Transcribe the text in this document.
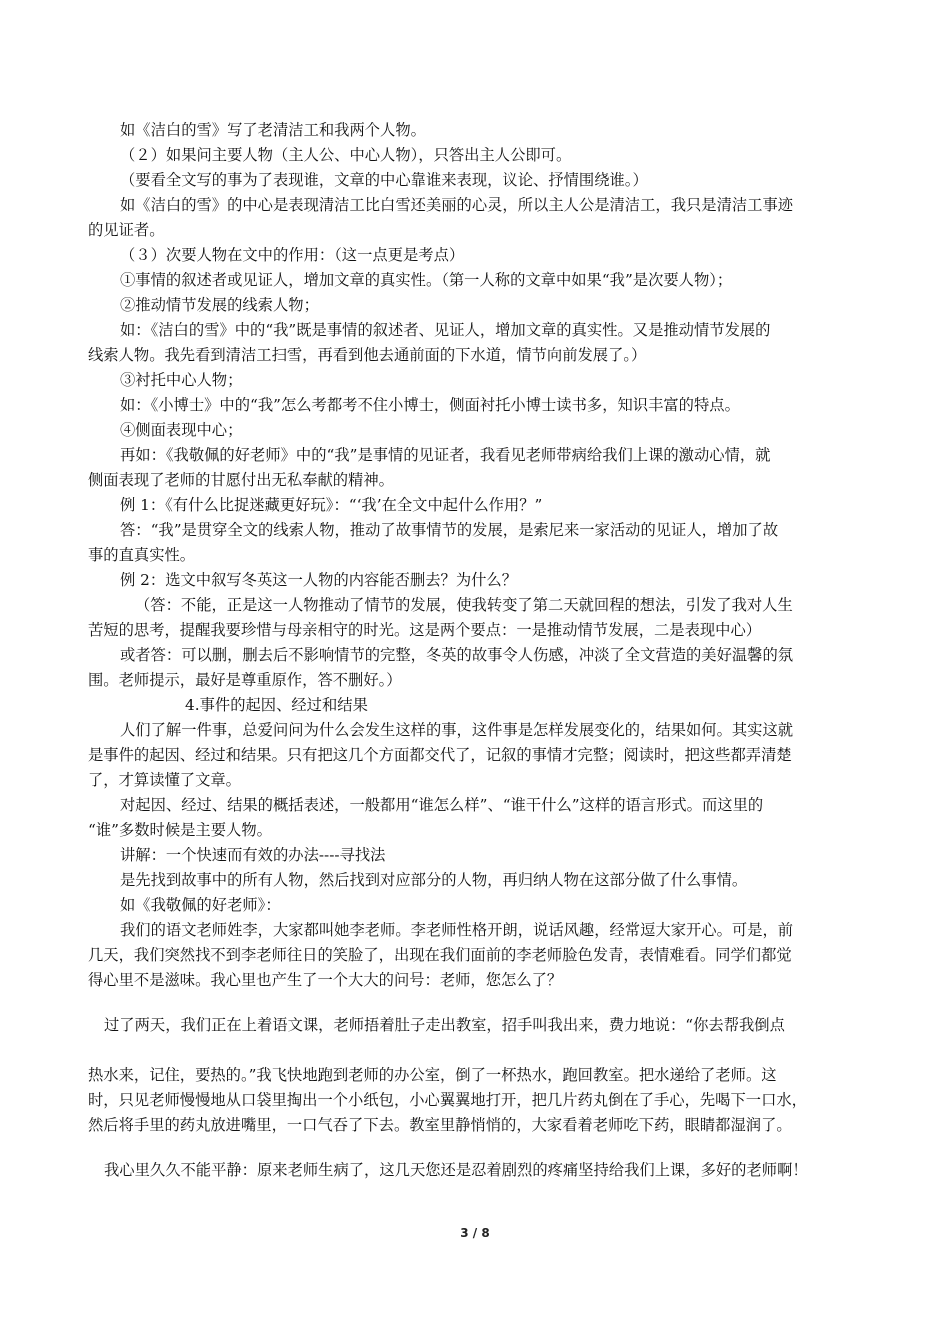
如《洁白的雪》写了老清洁工和我两个人物。
（２）如果问主要人物（主人公、中心人物），只答出主人公即可。
（要看全文写的事为了表现谁，文章的中心靠谁来表现，议论、抒情围绕谁。）
如《洁白的雪》的中心是表现清洁工比白雪还美丽的心灵，所以主人公是清洁工，我只是清洁工事迹
的见证者。
（３）次要人物在文中的作用：（这一点更是考点）
①事情的叙述者或见证人，增加文章的真实性。（第一人称的文章中如果“我”是次要人物）；
②推动情节发展的线索人物；
如：《洁白的雪》中的“我”既是事情的叙述者、见证人，增加文章的真实性。又是推动情节发展的
线索人物。我先看到清洁工扫雪，再看到他去通前面的下水道，情节向前发展了。）
③衬托中心人物；
如：《小博士》中的“我”怎么考都考不住小博士，侧面衬托小博士读书多，知识丰富的特点。
④侧面表现中心；
再如：《我敬佩的好老师》中的“我”是事情的见证者，我看见老师带病给我们上课的激动心情，就
侧面表现了老师的甘愿付出无私奉献的精神。
例 1：《有什么比捉迷藏更好玩》：“‘我’在全文中起什么作用？”
答：“我”是贯穿全文的线索人物，推动了故事情节的发展，是索尼来一家活动的见证人，增加了故
事的直真实性。
例 2：选文中叙写冬英这一人物的内容能否删去？为什么？
（答：不能，正是这一人物推动了情节的发展，使我转变了第二天就回程的想法，引发了我对人生
苦短的思考，提醒我要珍惜与母亲相守的时光。这是两个要点：一是推动情节发展，二是表现中心）
或者答：可以删，删去后不影响情节的完整，冬英的故事令人伤感，冲淡了全文营造的美好温馨的氛
围。老师提示，最好是尊重原作，答不删好。）
4.事件的起因、经过和结果
人们了解一件事，总爱问问为什么会发生这样的事，这件事是怎样发展变化的，结果如何。其实这就
是事件的起因、经过和结果。只有把这几个方面都交代了，记叙的事情才完整；阅读时，把这些都弄清楚
了，才算读懂了文章。
对起因、经过、结果的概括表述，一般都用“谁怎么样”、“谁干什么”这样的语言形式。而这里的
“谁”多数时候是主要人物。
讲解：一个快速而有效的办法----寻找法
是先找到故事中的所有人物，然后找到对应部分的人物，再归纳人物在这部分做了什么事情。
如《我敬佩的好老师》：
我们的语文老师姓李，大家都叫她李老师。李老师性格开朗，说话风趣，经常逗大家开心。可是，前
几天，我们突然找不到李老师往日的笑脸了，出现在我们面前的李老师脸色发青，表情难看。同学们都觉
得心里不是滋味。我心里也产生了一个大大的问号：老师，您怎么了？
过了两天，我们正在上着语文课，老师捂着肚子走出教室，招手叫我出来，费力地说：“你去帮我倒点
热水来，记住，要热的。”我飞快地跑到老师的办公室，倒了一杯热水，跑回教室。把水递给了老师。这
时，只见老师慢慢地从口袋里掏出一个小纸包，小心翼翼地打开，把几片药丸倒在了手心，先喝下一口水，
然后将手里的药丸放进嘴里，一口气吞了下去。教室里静悄悄的，大家看着老师吃下药，眼睛都湿润了。
我心里久久不能平静：原来老师生病了，这几天您还是忍着剧烈的疼痛坚持给我们上课，多好的老师啊！
3 / 8
